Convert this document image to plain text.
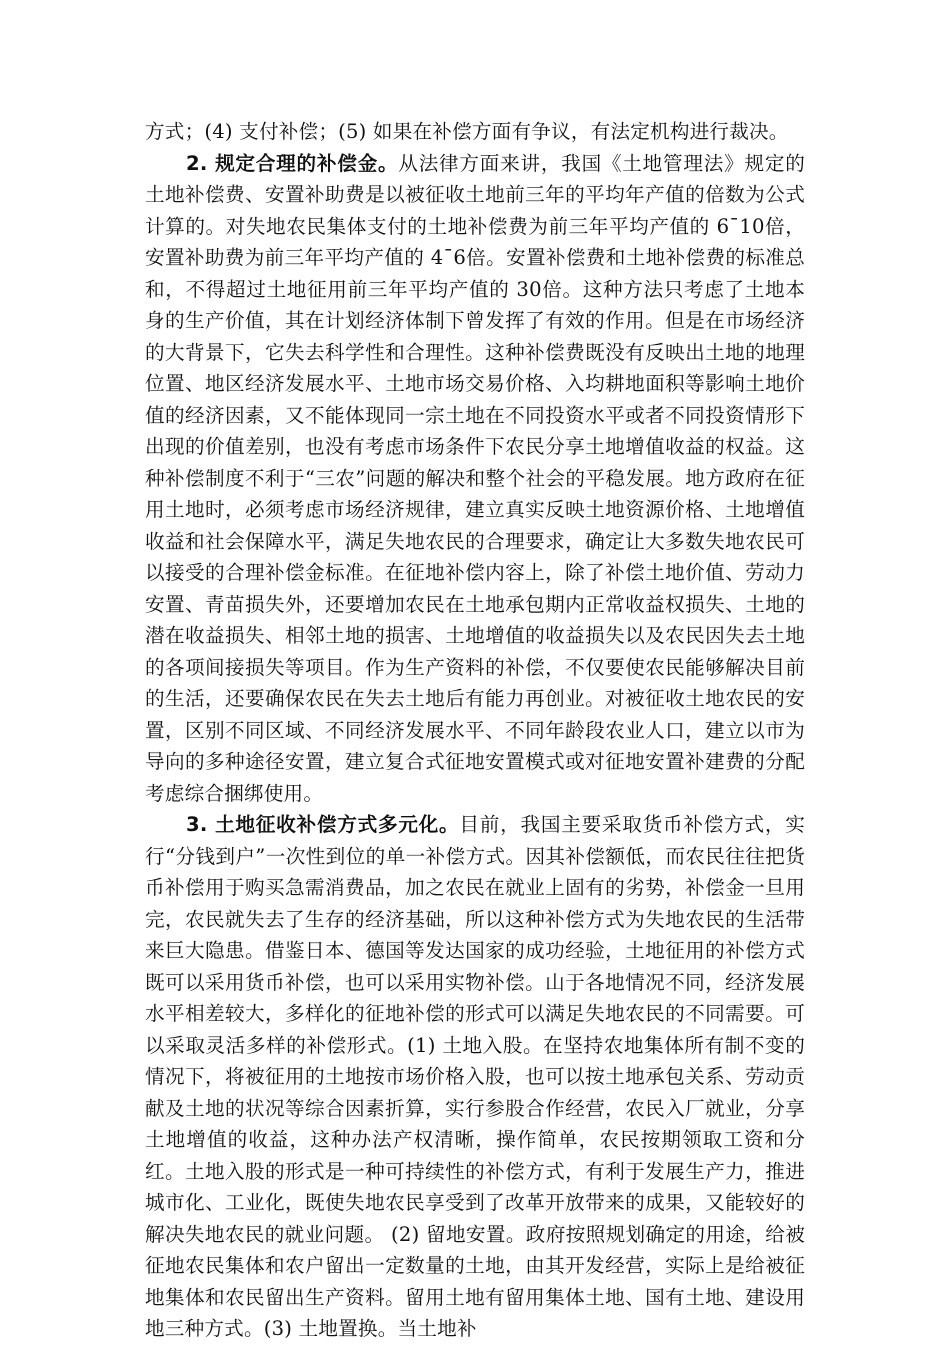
方式；(4) 支付补偿；(5) 如果在补偿方面有争议，有法定机构进行裁决。

2. 规定合理的补偿金。从法律方面来讲，我国《土地管理法》规定的土地补偿费、安置补助费是以被征收土地前三年的平均年产值的倍数为公式计算的。对失地农民集体支付的土地补偿费为前三年平均产值的 6¯10倍，安置补助费为前三年平均产值的 4¯6倍。安置补偿费和土地补偿费的标准总和，不得超过土地征用前三年平均产值的 30倍。这种方法只考虑了土地本身的生产价值，其在计划经济体制下曾发挥了有效的作用。但是在市场经济的大背景下，它失去科学性和合理性。这种补偿费既没有反映出土地的地理位置、地区经济发展水平、土地市场交易价格、入均耕地面积等影响土地价值的经济因素，又不能体现同一宗土地在不同投资水平或者不同投资情形下出现的价值差别，也没有考虑市场条件下农民分享土地增值收益的权益。这种补偿制度不利于“三农”问题的解决和整个社会的平稳发展。地方政府在征用土地时，必须考虑市场经济规律，建立真实反映土地资源价格、土地增值收益和社会保障水平，满足失地农民的合理要求，确定让大多数失地农民可以接受的合理补偿金标准。在征地补偿内容上，除了补偿土地价值、劳动力安置、青苗损失外，还要增加农民在土地承包期内正常收益权损失、土地的潜在收益损失、相邻土地的损害、土地增值的收益损失以及农民因失去土地的各项间接损失等项目。作为生产资料的补偿，不仅要使农民能够解决目前的生活，还要确保农民在失去土地后有能力再创业。对被征收土地农民的安置，区别不同区域、不同经济发展水平、不同年龄段农业人口，建立以市为导向的多种途径安置，建立复合式征地安置模式或对征地安置补建费的分配考虑综合捆绑使用。

3. 土地征收补偿方式多元化。目前，我国主要采取货币补偿方式，实行“分钱到户”一次性到位的单一补偿方式。因其补偿额低，而农民往往把货币补偿用于购买急需消费品，加之农民在就业上固有的劣势，补偿金一旦用完，农民就失去了生存的经济基础，所以这种补偿方式为失地农民的生活带来巨大隐患。借鉴日本、德国等发达国家的成功经验，土地征用的补偿方式既可以采用货币补偿，也可以采用实物补偿。山于各地情况不同，经济发展水平相差较大，多样化的征地补偿的形式可以满足失地农民的不同需要。可以采取灵活多样的补偿形式。(1) 土地入股。在坚持农地集体所有制不变的情况下，将被征用的土地按市场价格入股，也可以按土地承包关系、劳动贡献及土地的状况等综合因素折算，实行参股合作经营，农民入厂就业，分享土地增值的收益，这种办法产权清晰，操作简单，农民按期领取工资和分红。土地入股的形式是一种可持续性的补偿方式，有利于发展生产力，推进城市化、工业化，既使失地农民享受到了改革开放带来的成果，又能较好的解决失地农民的就业问题。 (2) 留地安置。政府按照规划确定的用途，给被征地农民集体和农户留出一定数量的土地，由其开发经营，实际上是给被征地集体和农民留出生产资料。留用土地有留用集体土地、国有土地、建设用地三种方式。(3) 土地置换。当土地补
